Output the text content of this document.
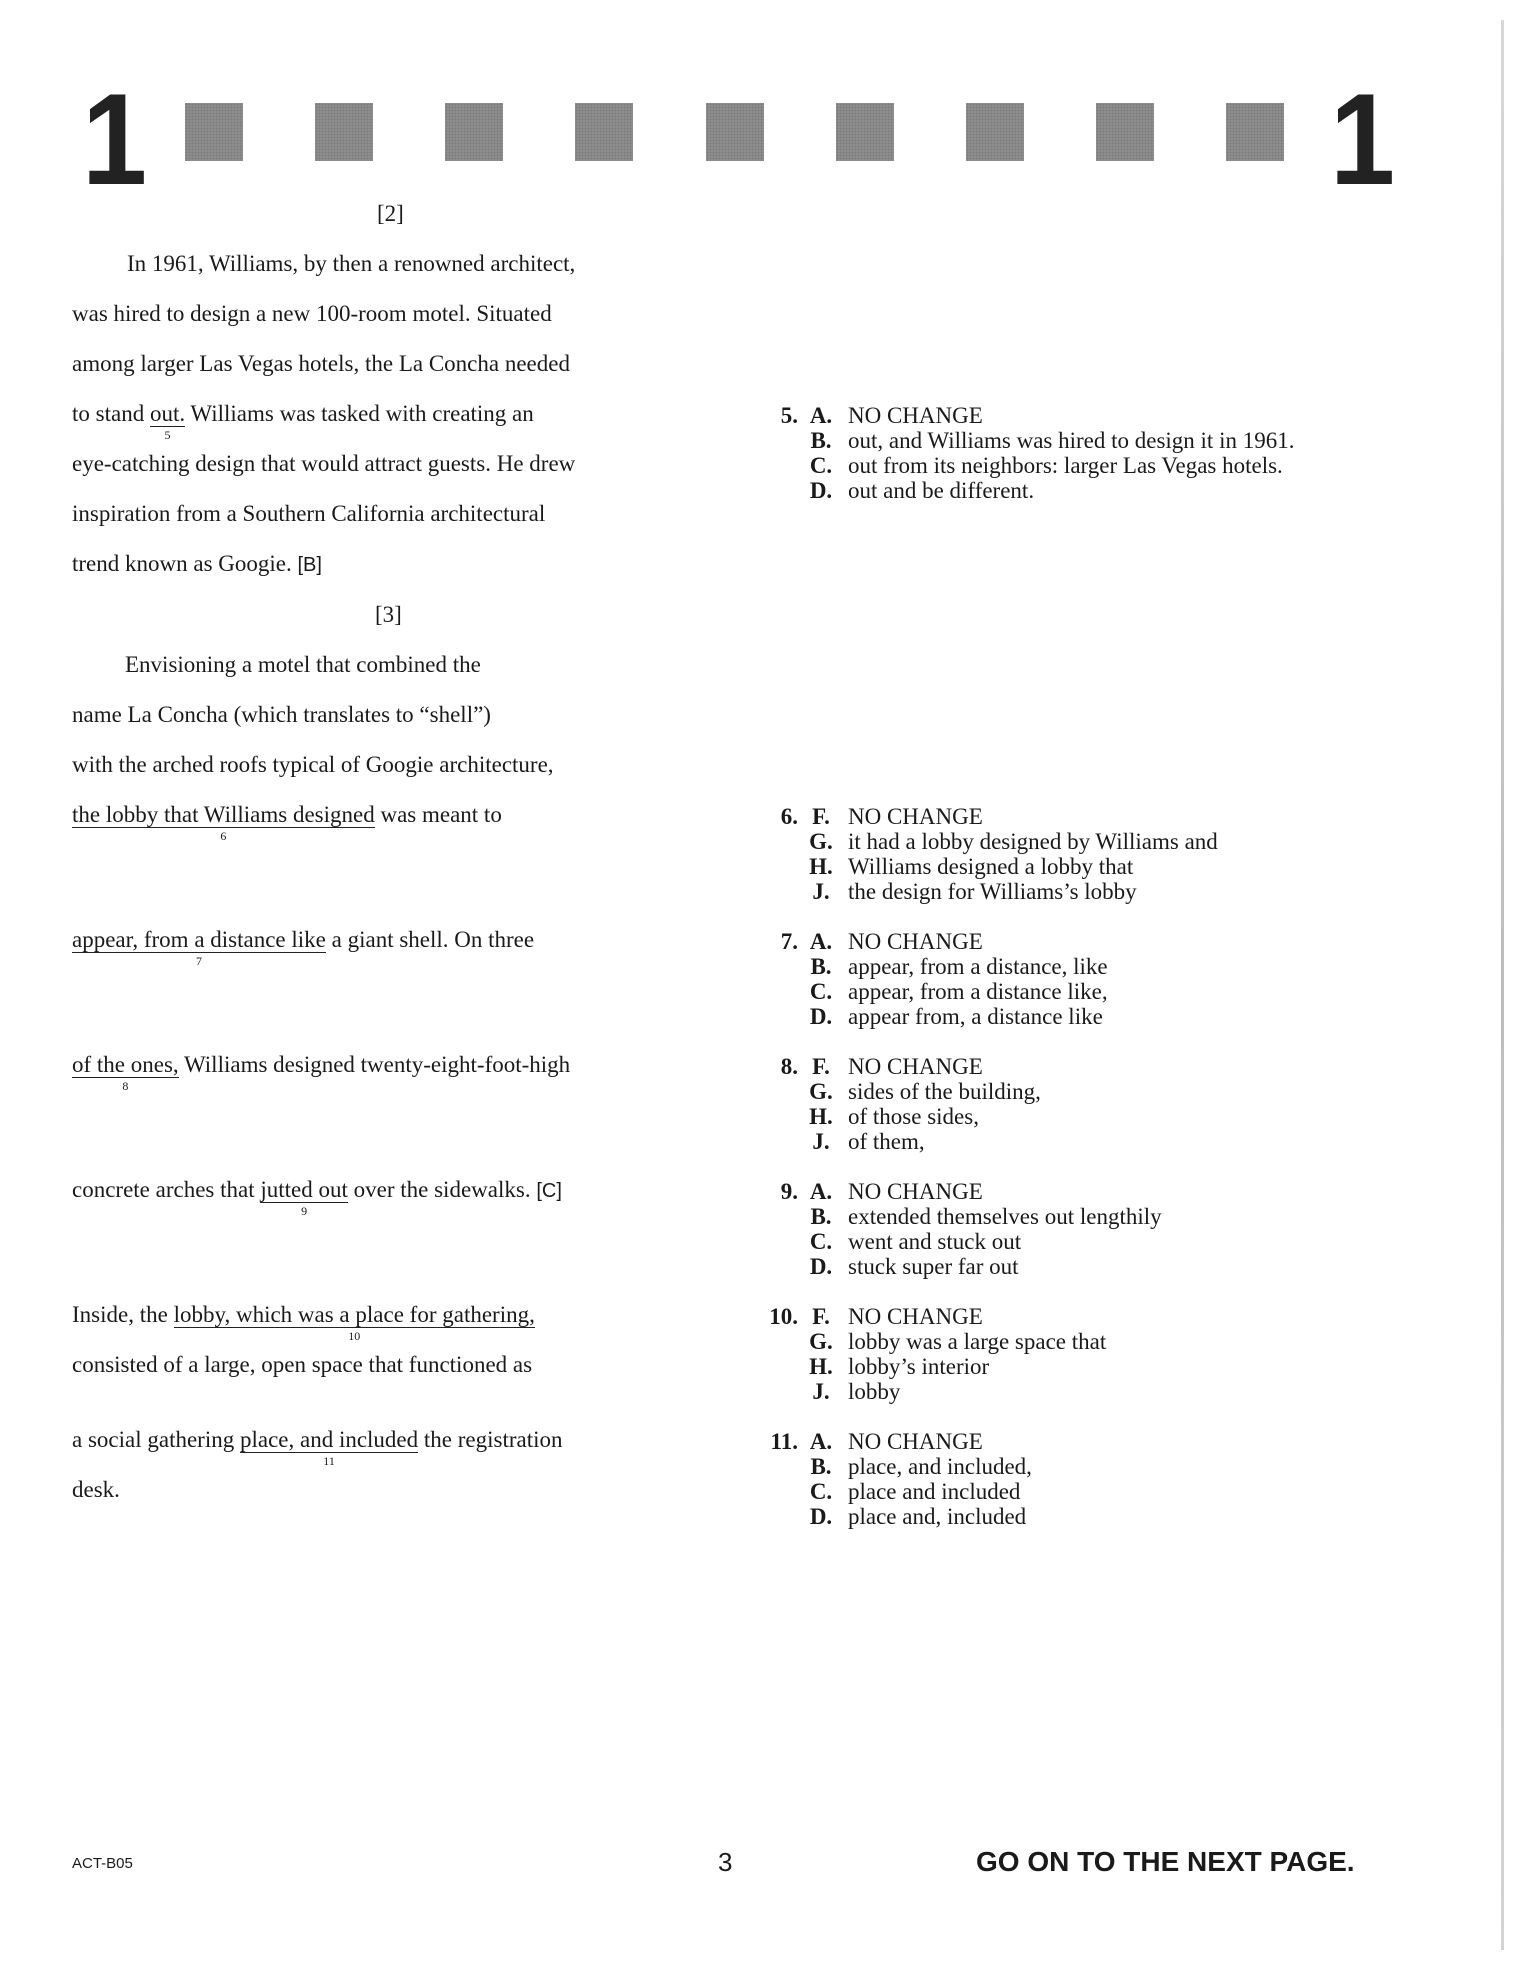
1	1
[2]
In 1961, Williams, by then a renowned architect,
was hired to design a new 100-room motel. Situated
among larger Las Vegas hotels, the La Concha needed
to stand out.
5
Williams was tasked with creating an
eye-catching design that would attract guests. He drew
inspiration from a Southern California architectural
trend known as Googie. [B]
[3]
Envisioning a motel that combined the
name La Concha (which translates to “shell”)
with the arched roofs typical of Googie architecture,
the lobby that Williams designed
6
was meant to
appear, from a distance like
7
a giant shell. On three
of the ones,
8
Williams designed twenty-eight-foot-high
concrete arches that jutted out
9
over the sidewalks. [C]
Inside, the lobby, which was a place for gathering,
10
consisted of a large, open space that functioned as
a social gathering place, and included
11
the registration
desk.
5. A. NO CHANGE
B. out, and Williams was hired to design it in 1961.
C. out from its neighbors: larger Las Vegas hotels.
D. out and be different.
6. F. NO CHANGE
G. it had a lobby designed by Williams and
H. Williams designed a lobby that
J. the design for Williams’s lobby
7. A. NO CHANGE
B. appear, from a distance, like
C. appear, from a distance like,
D. appear from, a distance like
8. F. NO CHANGE
G. sides of the building,
H. of those sides,
J. of them,
9. A. NO CHANGE
B. extended themselves out lengthily
C. went and stuck out
D. stuck super far out
10. F. NO CHANGE
G. lobby was a large space that
H. lobby’s interior
J. lobby
11. A. NO CHANGE
B. place, and included,
C. place and included
D. place and, included
ACT-B05	3	GO ON TO THE NEXT PAGE.
